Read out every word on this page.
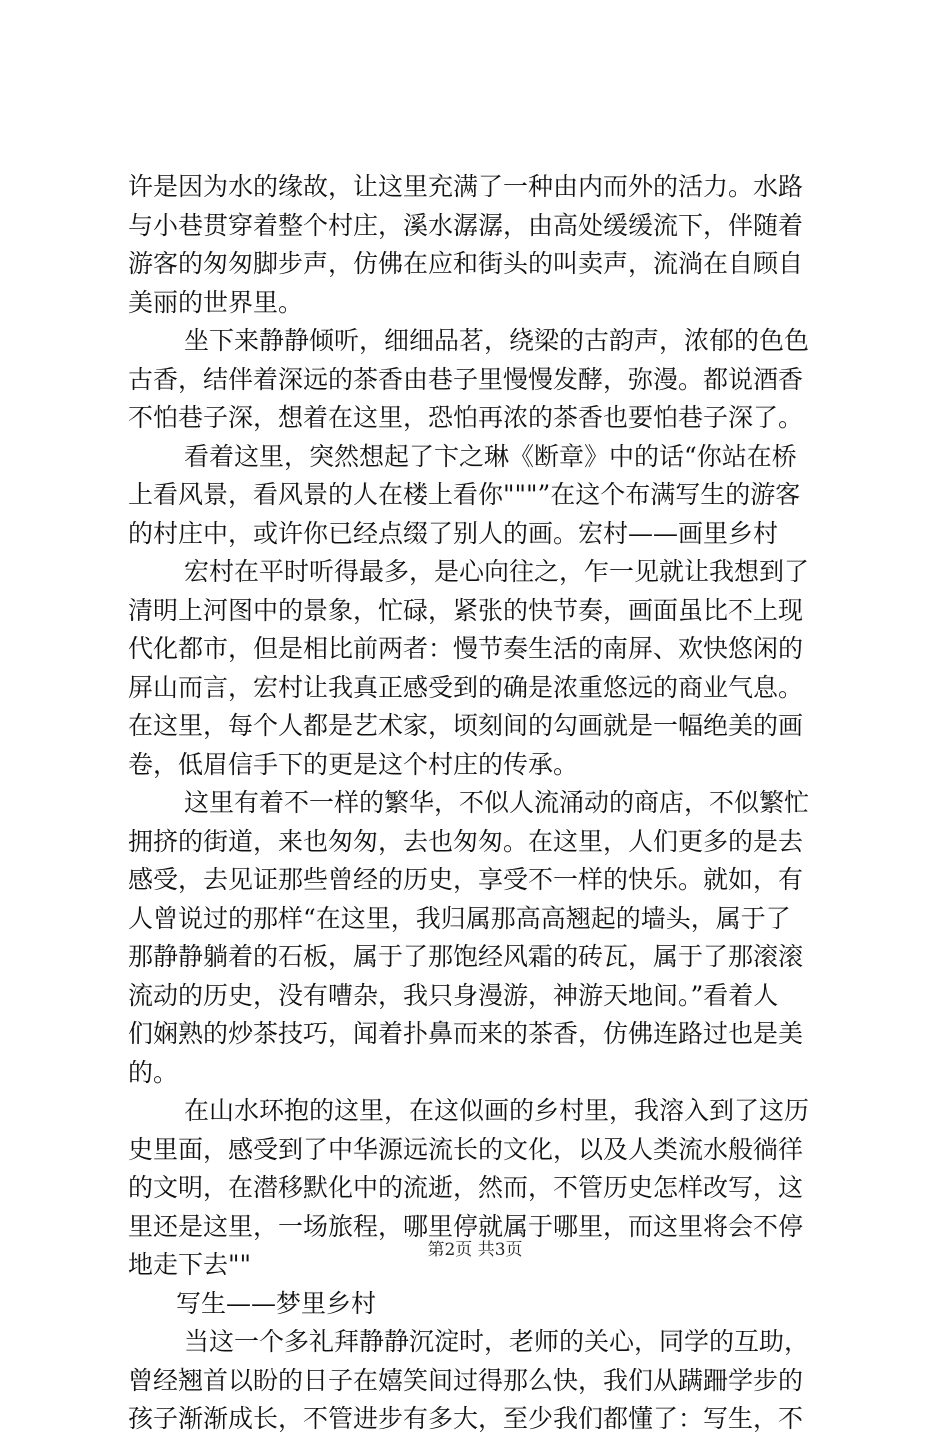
许是因为水的缘故，让这里充满了一种由内而外的活力。水路
与小巷贯穿着整个村庄，溪水潺潺，由高处缓缓流下，伴随着
游客的匆匆脚步声，仿佛在应和街头的叫卖声，流淌在自顾自
美丽的世界里。
坐下来静静倾听，细细品茗，绕梁的古韵声，浓郁的色色
古香，结伴着深远的茶香由巷子里慢慢发酵，弥漫。都说酒香
不怕巷子深，想着在这里，恐怕再浓的茶香也要怕巷子深了。
看着这里，突然想起了卞之琳《断章》中的话“你站在桥
上看风景，看风景的人在楼上看你"""”在这个布满写生的游客
的村庄中，或许你已经点缀了别人的画。宏村——画里乡村
宏村在平时听得最多，是心向往之，乍一见就让我想到了
清明上河图中的景象，忙碌，紧张的快节奏，画面虽比不上现
代化都市，但是相比前两者：慢节奏生活的南屏、欢快悠闲的
屏山而言，宏村让我真正感受到的确是浓重悠远的商业气息。
在这里，每个人都是艺术家，顷刻间的勾画就是一幅绝美的画
卷，低眉信手下的更是这个村庄的传承。
这里有着不一样的繁华，不似人流涌动的商店，不似繁忙
拥挤的街道，来也匆匆，去也匆匆。在这里，人们更多的是去
感受，去见证那些曾经的历史，享受不一样的快乐。就如，有
人曾说过的那样“在这里，我归属那高高翘起的墙头，属于了
那静静躺着的石板，属于了那饱经风霜的砖瓦，属于了那滚滚
流动的历史，没有嘈杂，我只身漫游，神游天地间。”看着人
们娴熟的炒茶技巧，闻着扑鼻而来的茶香，仿佛连路过也是美
的。
在山水环抱的这里，在这似画的乡村里，我溶入到了这历
史里面，感受到了中华源远流长的文化，以及人类流水般徜徉
的文明，在潜移默化中的流逝，然而，不管历史怎样改写，这
里还是这里，一场旅程，哪里停就属于哪里，而这里将会不停
地走下去""
写生——梦里乡村
当这一个多礼拜静静沉淀时，老师的关心，同学的互助，
曾经翘首以盼的日子在嬉笑间过得那么快，我们从蹒跚学步的
孩子渐渐成长，不管进步有多大，至少我们都懂了：写生，不
第2页 共3页
